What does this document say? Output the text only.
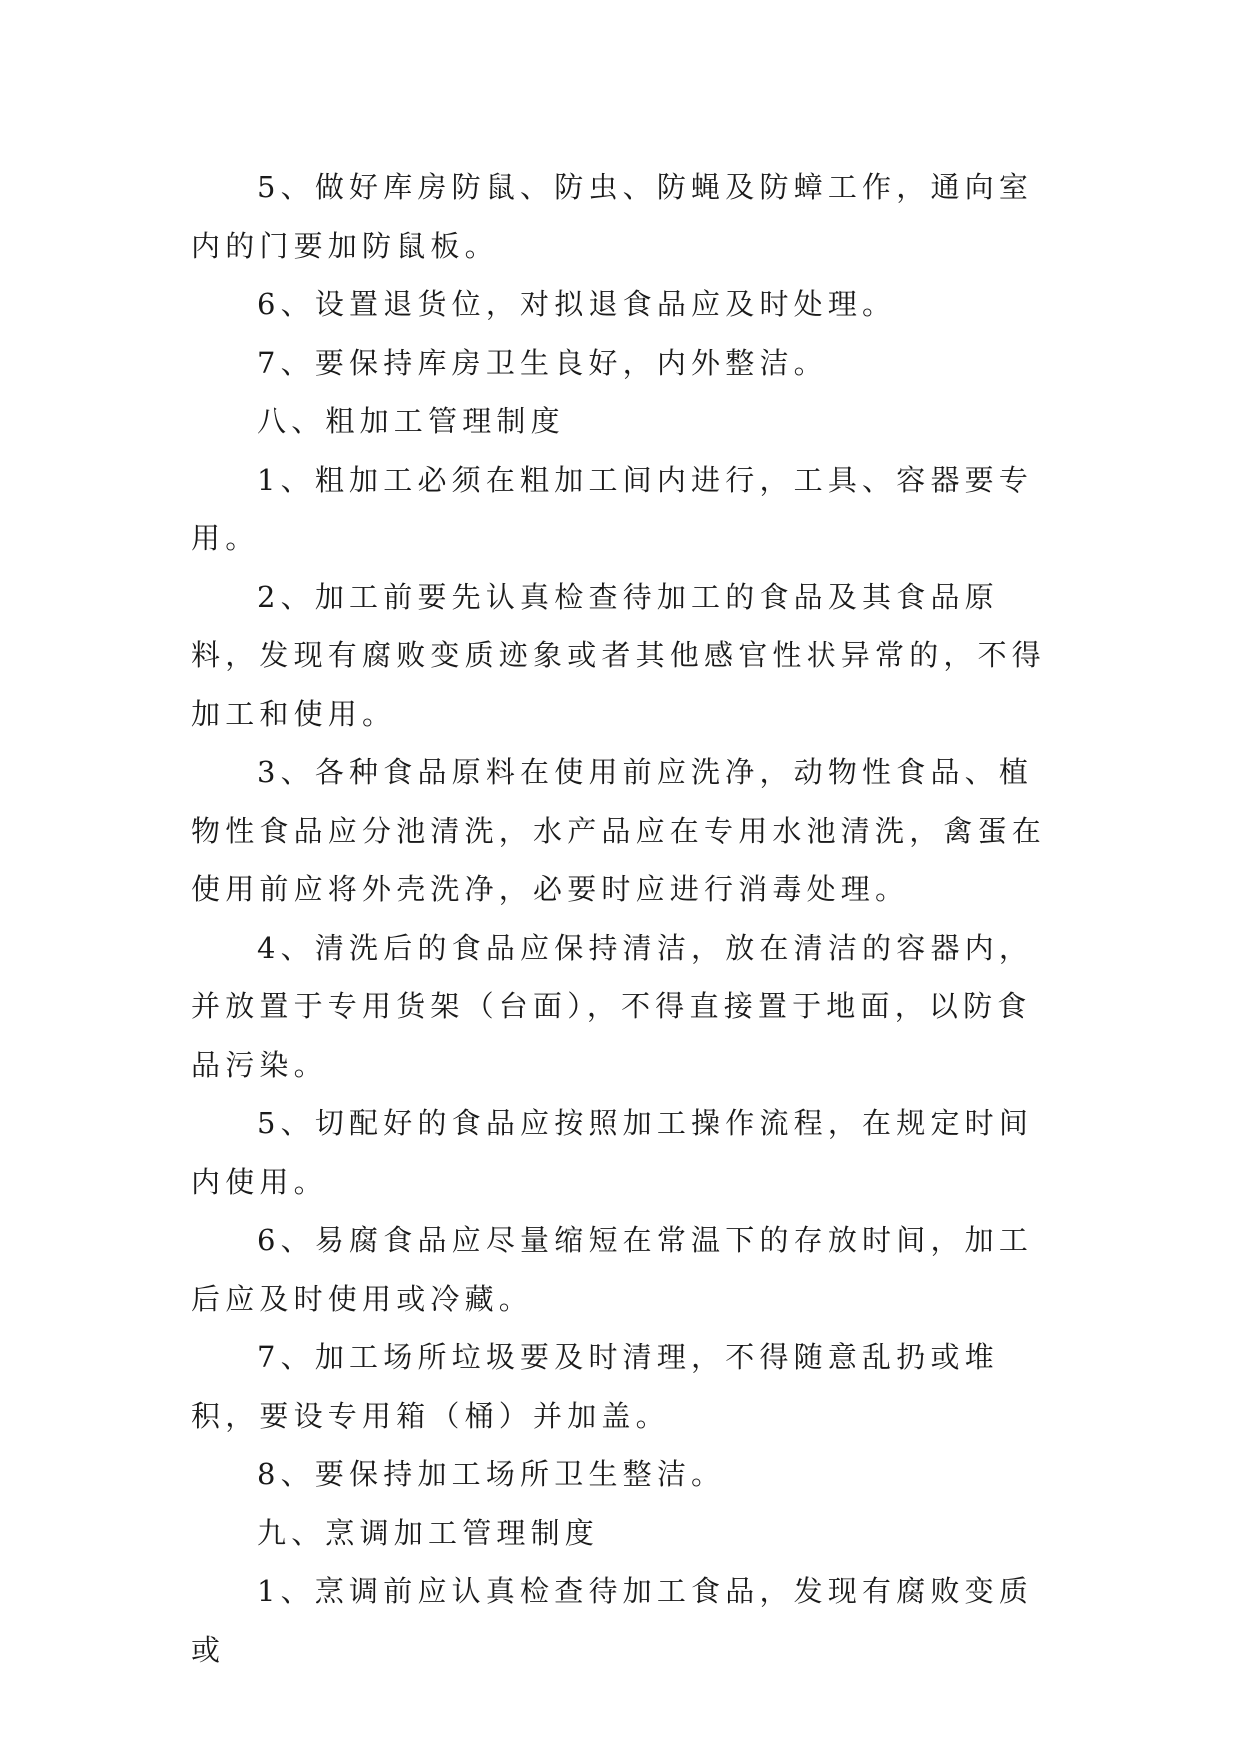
5、做好库房防鼠、防虫、防蝇及防蟑工作，通向室内的门要加防鼠板。

6、设置退货位，对拟退食品应及时处理。

7、要保持库房卫生良好，内外整洁。

八、粗加工管理制度

1、粗加工必须在粗加工间内进行，工具、容器要专用。

2、加工前要先认真检查待加工的食品及其食品原料，发现有腐败变质迹象或者其他感官性状异常的，不得加工和使用。

3、各种食品原料在使用前应洗净，动物性食品、植物性食品应分池清洗，水产品应在专用水池清洗，禽蛋在使用前应将外壳洗净，必要时应进行消毒处理。

4、清洗后的食品应保持清洁，放在清洁的容器内，并放置于专用货架（台面），不得直接置于地面，以防食品污染。

5、切配好的食品应按照加工操作流程，在规定时间内使用。

6、易腐食品应尽量缩短在常温下的存放时间，加工后应及时使用或冷藏。

7、加工场所垃圾要及时清理，不得随意乱扔或堆积，要设专用箱（桶）并加盖。

8、要保持加工场所卫生整洁。

九、烹调加工管理制度

1、烹调前应认真检查待加工食品，发现有腐败变质或
